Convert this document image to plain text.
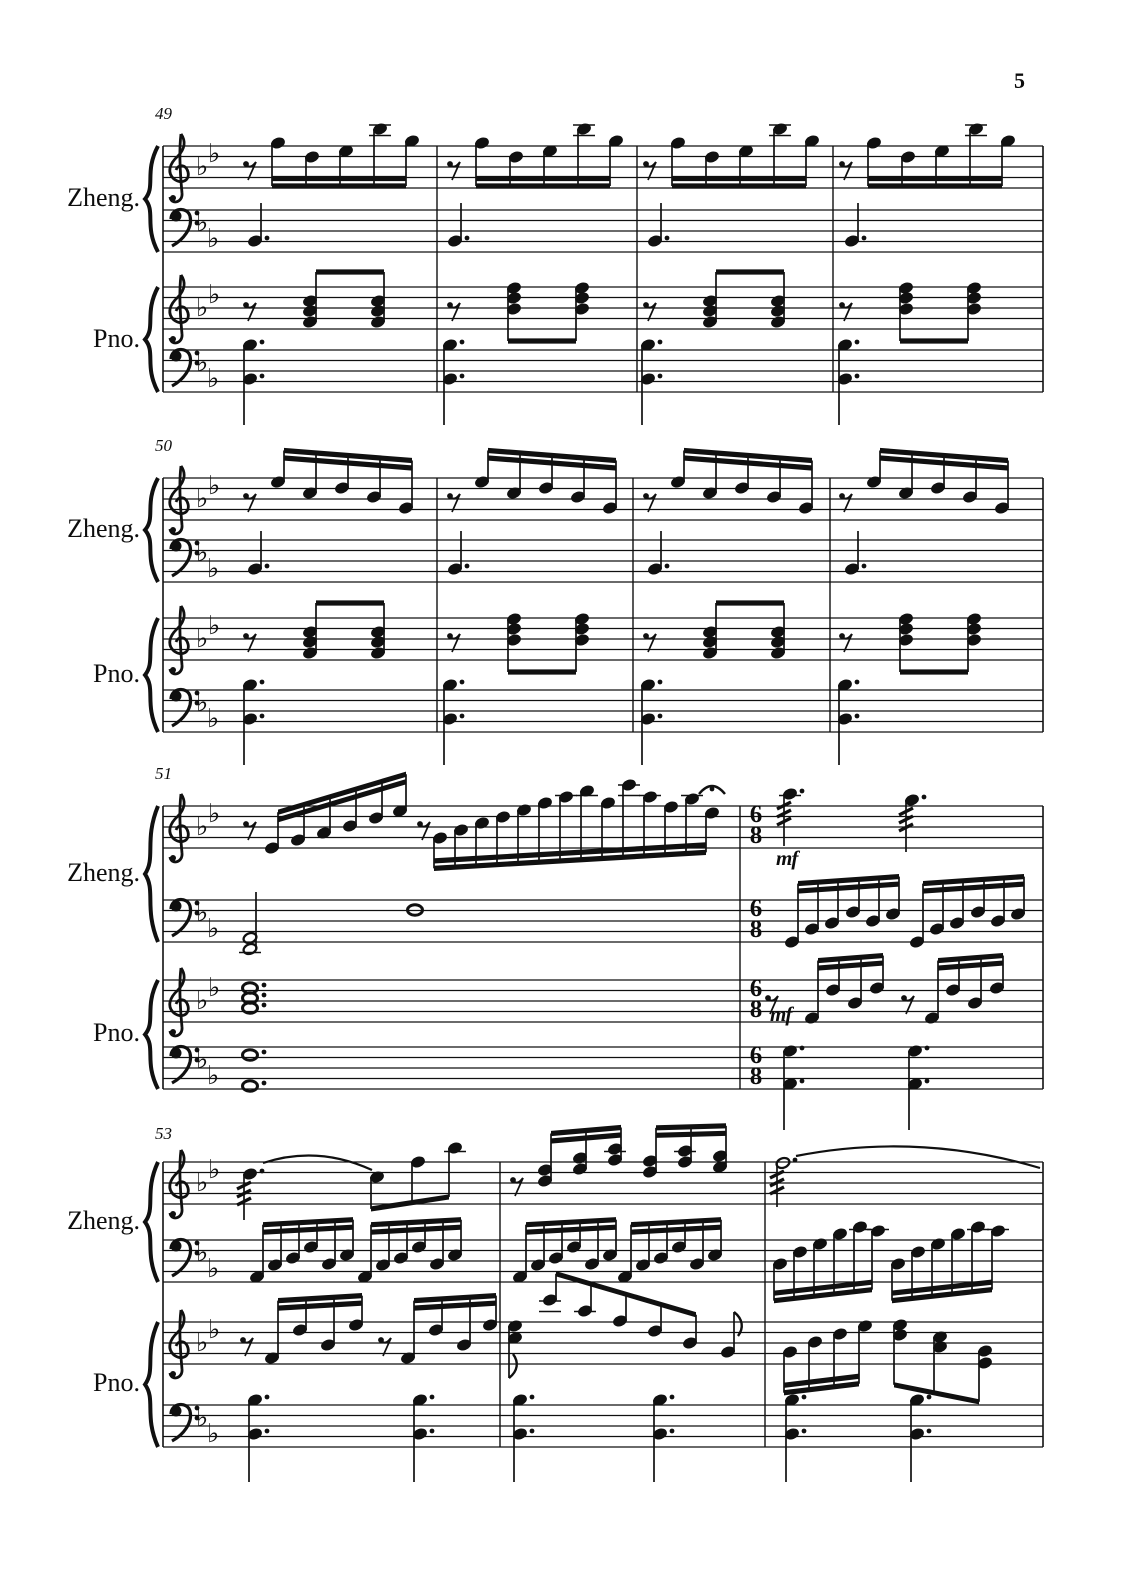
♭ ♭
♭
♭
♭ ♭
♭
♭
♭ ♭
♭
♭
♭ ♭
♭
♭
♭ ♭
♭
♭
♭ ♭
♭
♭
♭ ♭
♭
♭
♭ ♭
♭
♭
5
49
50
51
53
Zheng.
Pno.
Zheng.
Pno.
Zheng.
Pno.
Zheng.
Pno.
6
8
6
8
6
8
6
8
mf
mf
